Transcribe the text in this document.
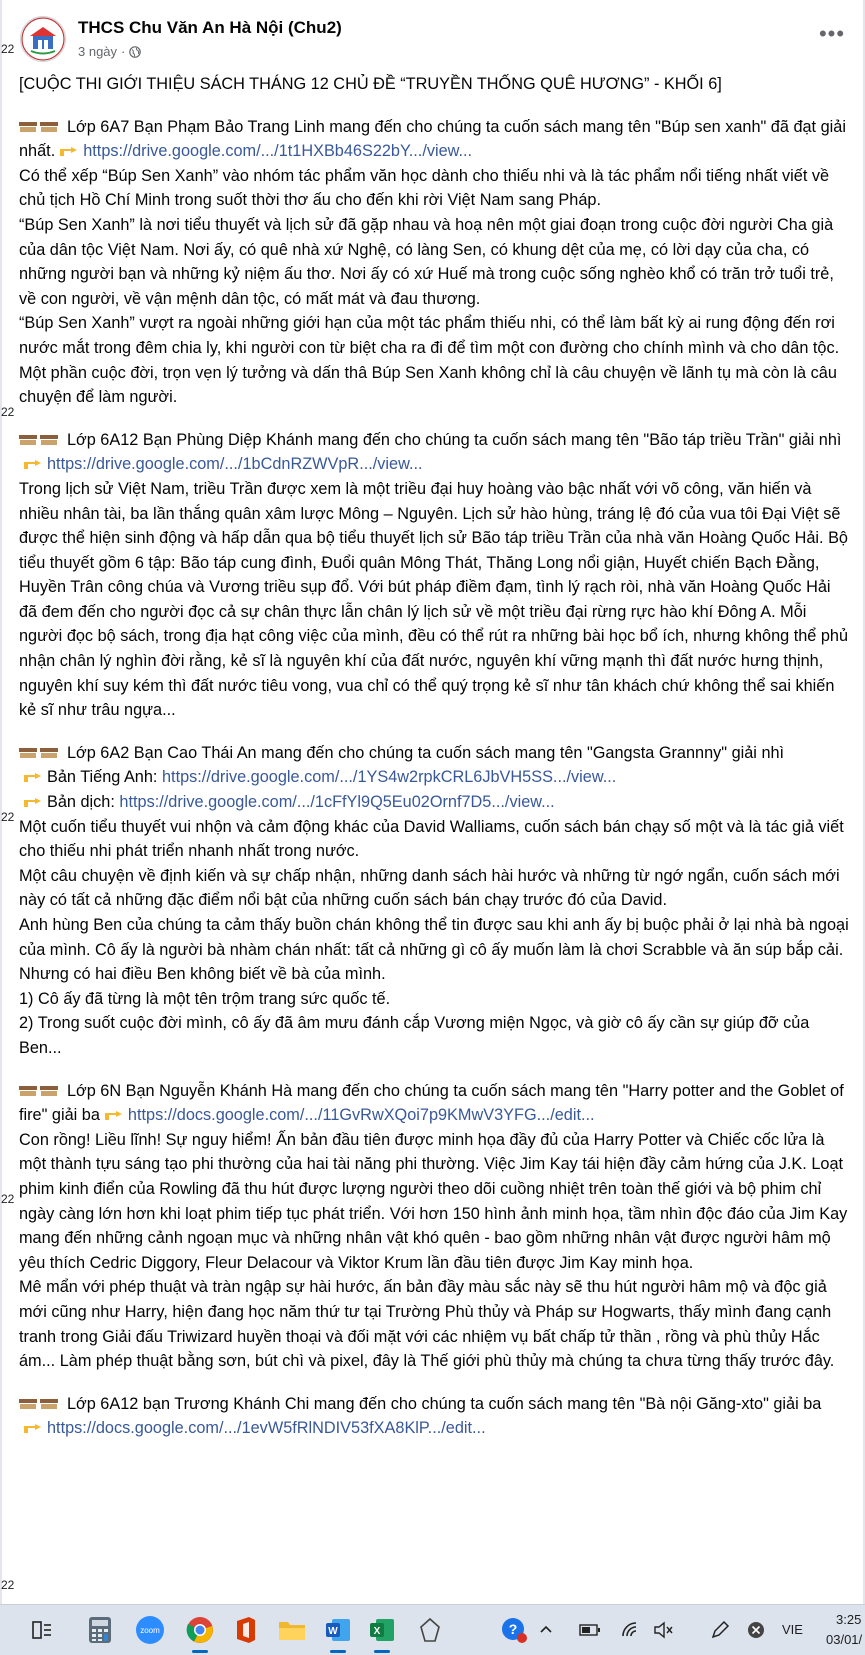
22
22
22
22
22
THCS Chu Văn An Hà Nội (Chu2)
3 ngày ·
•••

[CUỘC THI GIỚI THIỆU SÁCH THÁNG 12 CHỦ ĐỀ “TRUYỀN THỐNG QUÊ HƯƠNG” - KHỐI 6]

Lớp 6A7 Bạn Phạm Bảo Trang Linh mang đến cho chúng ta cuốn sách mang tên "Búp sen xanh" đã đạt giải nhất. https://drive.google.com/.../1t1HXBb46S22bY.../view...

Có thể xếp “Búp Sen Xanh” vào nhóm tác phẩm văn học dành cho thiếu nhi và là tác phẩm nổi tiếng nhất viết về chủ tịch Hồ Chí Minh trong suốt thời thơ ấu cho đến khi rời Việt Nam sang Pháp.

“Búp Sen Xanh” là nơi tiểu thuyết và lịch sử đã gặp nhau và hoạ nên một giai đoạn trong cuộc đời người Cha già của dân tộc Việt Nam. Nơi ấy, có quê nhà xứ Nghệ, có làng Sen, có khung dệt của mẹ, có lời dạy của cha, có những người bạn và những kỷ niệm ấu thơ. Nơi ấy có xứ Huế mà trong cuộc sống nghèo khổ có trăn trở tuổi trẻ, về con người, về vận mệnh dân tộc, có mất mát và đau thương.

“Búp Sen Xanh” vượt ra ngoài những giới hạn của một tác phẩm thiếu nhi, có thể làm bất kỳ ai rung động đến rơi nước mắt trong đêm chia ly, khi người con từ biệt cha ra đi để tìm một con đường cho chính mình và cho dân tộc. Một phần cuộc đời, trọn vẹn lý tưởng và dấn thâ Búp Sen Xanh không chỉ là câu chuyện về lãnh tụ mà còn là câu chuyện để làm người.

Lớp 6A12 Bạn Phùng Diệp Khánh mang đến cho chúng ta cuốn sách mang tên "Bão táp triều Trần" giải nhìhttps://drive.google.com/.../1bCdnRZWVpR.../view...

Trong lịch sử Việt Nam, triều Trần được xem là một triều đại huy hoàng vào bậc nhất với võ công, văn hiến và nhiều nhân tài, ba lần thắng quân xâm lược Mông – Nguyên. Lịch sử hào hùng, tráng lệ đó của vua tôi Đại Việt sẽ được thể hiện sinh động và hấp dẫn qua bộ tiểu thuyết lịch sử Bão táp triều Trần của nhà văn Hoàng Quốc Hải. Bộ tiểu thuyết gồm 6 tập: Bão táp cung đình, Đuổi quân Mông Thát, Thăng Long nổi giận, Huyết chiến Bạch Đằng, Huyền Trân công chúa và Vương triều sụp đổ. Với bút pháp điềm đạm, tình lý rạch ròi, nhà văn Hoàng Quốc Hải đã đem đến cho người đọc cả sự chân thực lẫn chân lý lịch sử về một triều đại rừng rực hào khí Đông A. Mỗi người đọc bộ sách, trong địa hạt công việc của mình, đều có thể rút ra những bài học bổ ích, nhưng không thể phủ nhận chân lý nghìn đời rằng, kẻ sĩ là nguyên khí của đất nước, nguyên khí vững mạnh thì đất nước hưng thịnh, nguyên khí suy kém thì đất nước tiêu vong, vua chỉ có thể quý trọng kẻ sĩ như tân khách chứ không thể sai khiến kẻ sĩ như trâu ngựa...

Lớp 6A2 Bạn Cao Thái An mang đến cho chúng ta cuốn sách mang tên "Gangsta Grannny" giải nhì

Bản Tiếng Anh: https://drive.google.com/.../1YS4w2rpkCRL6JbVH5SS.../view...

Bản dịch: https://drive.google.com/.../1cFfYl9Q5Eu02Ornf7D5.../view...

Một cuốn tiểu thuyết vui nhộn và cảm động khác của David Walliams, cuốn sách bán chạy số một và là tác giả viết cho thiếu nhi phát triển nhanh nhất trong nước.

Một câu chuyện về định kiến và sự chấp nhận, những danh sách hài hước và những từ ngớ ngẩn, cuốn sách mới này có tất cả những đặc điểm nổi bật của những cuốn sách bán chạy trước đó của David.

Anh hùng Ben của chúng ta cảm thấy buồn chán không thể tin được sau khi anh ấy bị buộc phải ở lại nhà bà ngoại của mình. Cô ấy là người bà nhàm chán nhất: tất cả những gì cô ấy muốn làm là chơi Scrabble và ăn súp bắp cải. Nhưng có hai điều Ben không biết về bà của mình.

1) Cô ấy đã từng là một tên trộm trang sức quốc tế.

2) Trong suốt cuộc đời mình, cô ấy đã âm mưu đánh cắp Vương miện Ngọc, và giờ cô ấy cần sự giúp đỡ của Ben...

Lớp 6N Bạn Nguyễn Khánh Hà mang đến cho chúng ta cuốn sách mang tên "Harry potter and the Goblet of fire" giải ba https://docs.google.com/.../11GvRwXQoi7p9KMwV3YFG.../edit...

Con rồng! Liều lĩnh! Sự nguy hiểm! Ấn bản đầu tiên được minh họa đầy đủ của Harry Potter và Chiếc cốc lửa là một thành tựu sáng tạo phi thường của hai tài năng phi thường. Việc Jim Kay tái hiện đầy cảm hứng của J.K. Loạt phim kinh điển của Rowling đã thu hút được lượng người theo dõi cuồng nhiệt trên toàn thế giới và bộ phim chỉ ngày càng lớn hơn khi loạt phim tiếp tục phát triển. Với hơn 150 hình ảnh minh họa, tầm nhìn độc đáo của Jim Kay mang đến những cảnh ngoạn mục và những nhân vật khó quên - bao gồm những nhân vật được người hâm mộ yêu thích Cedric Diggory, Fleur Delacour và Viktor Krum lần đầu tiên được Jim Kay minh họa.

Mê mẩn với phép thuật và tràn ngập sự hài hước, ấn bản đầy màu sắc này sẽ thu hút người hâm mộ và độc giả mới cũng như Harry, hiện đang học năm thứ tư tại Trường Phù thủy và Pháp sư Hogwarts, thấy mình đang cạnh tranh trong Giải đấu Triwizard huyền thoại và đối mặt với các nhiệm vụ bất chấp tử thần , rồng và phù thủy Hắc ám... Làm phép thuật bằng sơn, bút chì và pixel, đây là Thế giới phù thủy mà chúng ta chưa từng thấy trước đây.

Lớp 6A12 bạn Trương Khánh Chi mang đến cho chúng ta cuốn sách mang tên "Bà nội Găng-xto" giải bahttps://docs.google.com/.../1evW5fRlNDIV53fXA8KlP.../edit...

zoom	W	X	?	VIE
3:25
03/01/
